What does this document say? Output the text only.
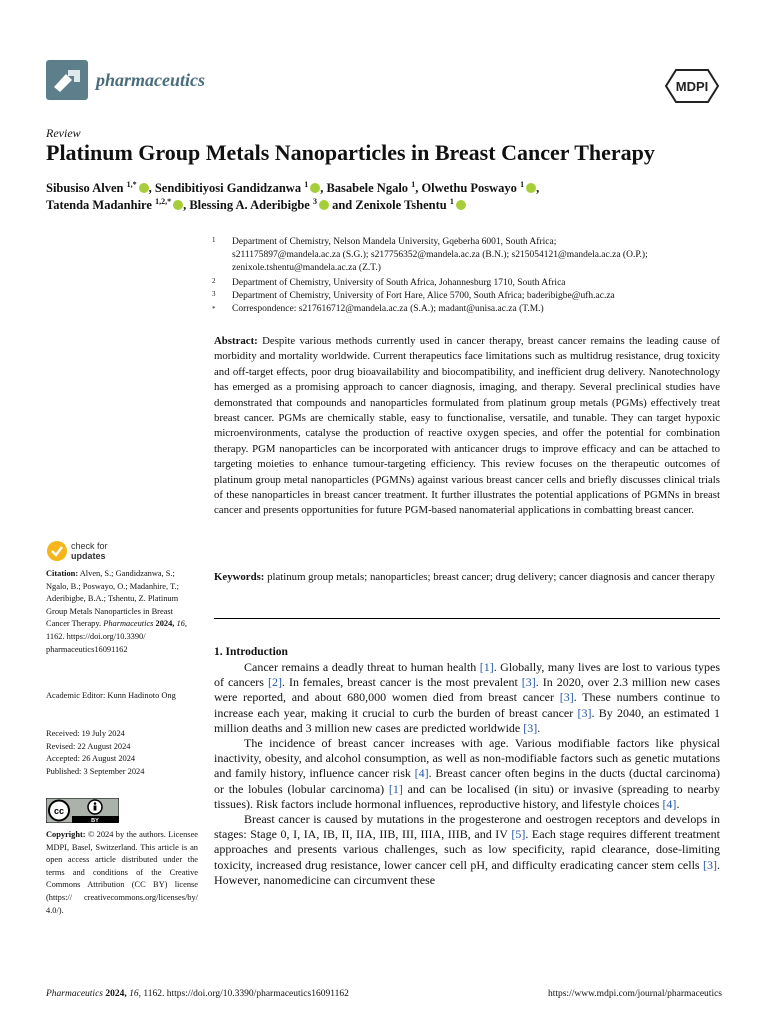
pharmaceutics	MDPI
Review
Platinum Group Metals Nanoparticles in Breast Cancer Therapy
Sibusiso Alven $^{1,*}$ , Sendibitiyosi Gandidzanwa $^1$ , Basabele Ngalo $^1$, Olwethu Poswayo $^1$ ,
Tatenda Madanhire $^{1,2,*}$ , Blessing A. Aderibigbe $^3$ and Zenixole Tshentu $^1$
1 Department of Chemistry, Nelson Mandela University, Gqeberha 6001, South Africa;
s211175897@mandela.ac.za (S.G.); s217756352@mandela.ac.za (B.N.); s215054121@mandela.ac.za (O.P.);
zenixole.tshentu@mandela.ac.za (Z.T.)
2	Department of Chemistry, University of South Africa, Johannesburg 1710, South Africa
3	Department of Chemistry, University of Fort Hare, Alice 5700, South Africa; baderibigbe@ufh.ac.za
*	Correspondence: s217616712@mandela.ac.za (S.A.); madant@unisa.ac.za (T.M.)
Abstract: Despite various methods currently used in cancer therapy, breast cancer remains the leading cause of morbidity and mortality worldwide. Current therapeutics face limitations such as multidrug resistance, drug toxicity and off-target effects, poor drug bioavailability and biocompatibility, and inefficient drug delivery. Nanotechnology has emerged as a promising approach to cancer diagnosis, imaging, and therapy. Several preclinical studies have demonstrated that compounds and nanoparticles formulated from platinum group metals (PGMs) effectively treat breast cancer. PGMs are chemically stable, easy to functionalise, versatile, and tunable. They can target hypoxic microenvironments, catalyse the production of reactive oxygen species, and offer the potential for combination therapy. PGM nanoparticles can be incorporated with anticancer drugs to improve efficacy and can be attached to targeting moieties to enhance tumour-targeting efficiency. This review focuses on the therapeutic outcomes of platinum group metal nanoparticles (PGMNs) against various breast cancer cells and briefly discusses clinical trials of these nanoparticles in breast cancer treatment. It further illustrates the potential applications of PGMNs in breast cancer and presents opportunities for future PGM-based nanomaterial applications in combatting breast cancer.
Keywords: platinum group metals; nanoparticles; breast cancer; drug delivery; cancer diagnosis and cancer therapy
check for
updates
Citation: Alven, S.; Gandidzanwa, S.; Ngalo, B.; Poswayo, O.; Madanhire, T.; Aderibigbe, B.A.; Tshentu, Z. Platinum Group Metals Nanoparticles in Breast Cancer Therapy. Pharmaceutics 2024, 16, 1162. https://doi.org/10.3390/ pharmaceutics16091162
Academic Editor: Kunn Hadinoto Ong
Received: 19 July 2024
Revised: 22 August 2024
Accepted: 26 August 2024
Published: 3 September 2024
cc
BY
Copyright: © 2024 by the authors. Licensee MDPI, Basel, Switzerland. This article is an open access article distributed under the terms and conditions of the Creative Commons Attribution (CC BY) license (https:// creativecommons.org/licenses/by/ 4.0/).
1. Introduction

Cancer remains a deadly threat to human health [1]. Globally, many lives are lost to various types of cancers [2]. In females, breast cancer is the most prevalent [3]. In 2020, over 2.3 million new cases were reported, and about 680,000 women died from breast cancer [3]. These numbers continue to increase each year, making it crucial to curb the burden of breast cancer [3]. By 2040, an estimated 1 million deaths and 3 million new cases are predicted worldwide [3].

The incidence of breast cancer increases with age. Various modifiable factors like physical inactivity, obesity, and alcohol consumption, as well as non-modifiable factors such as genetic mutations and family history, influence cancer risk [4]. Breast cancer often begins in the ducts (ductal carcinoma) or the lobules (lobular carcinoma) [1] and can be localised (in situ) or invasive (spreading to nearby tissues). Risk factors include hormonal influences, reproductive history, and lifestyle choices [4].

Breast cancer is caused by mutations in the progesterone and oestrogen receptors and develops in stages: Stage 0, I, IA, IB, II, IIA, IIB, III, IIIA, IIIB, and IV [5]. Each stage requires different treatment approaches and presents various challenges, such as low specificity, rapid clearance, dose-limiting toxicity, increased drug resistance, lower cancer cell pH, and difficulty eradicating cancer stem cells [3]. However, nanomedicine can circumvent these

Pharmaceutics 2024, 16, 1162. https://doi.org/10.3390/pharmaceutics16091162	https://www.mdpi.com/journal/pharmaceutics
